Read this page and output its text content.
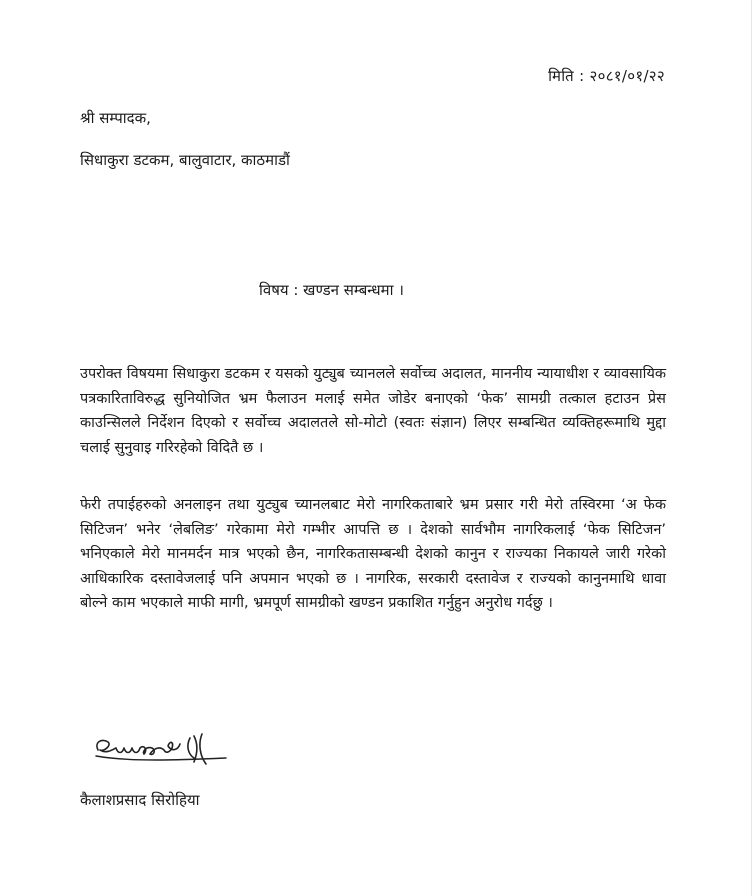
मिति : २०८१/०१/२२
श्री सम्पादक,
सिधाकुरा डटकम, बालुवाटार, काठमाडौं
विषय : खण्डन सम्बन्धमा ।

उपरोक्त विषयमा सिधाकुरा डटकम र यसको युट्युब च्यानलले सर्वोच्च अदालत, माननीय न्यायाधीश र व्यावसायिक पत्रकारिताविरुद्ध सुनियोजित भ्रम फैलाउन मलाई समेत जोडेर बनाएको ‘फेक’ सामग्री तत्काल हटाउन प्रेस काउन्सिलले निर्देशन दिएको र सर्वोच्च अदालतले सो-मोटो (स्वतः संज्ञान) लिएर सम्बन्धित व्यक्तिहरूमाथि मुद्दा चलाई सुनुवाइ गरिरहेको विदितै छ ।

फेरी तपाईहरुको अनलाइन तथा युट्युब च्यानलबाट मेरो नागरिकताबारे भ्रम प्रसार गरी मेरो तस्विरमा ‘अ फेक सिटिजन’ भनेर ‘लेबलिङ’ गरेकामा मेरो गम्भीर आपत्ति छ । देशको सार्वभौम नागरिकलाई ‘फेक सिटिजन’ भनिएकाले मेरो मानमर्दन मात्र भएको छैन, नागरिकतासम्बन्धी देशको कानुन र राज्यका निकायले जारी गरेको आधिकारिक दस्तावेजलाई पनि अपमान भएको छ । नागरिक, सरकारी दस्तावेज र राज्यको कानुनमाथि धावा बोल्ने काम भएकाले माफी मागी, भ्रमपूर्ण सामग्रीको खण्डन प्रकाशित गर्नुहुन अनुरोध गर्दछु ।

कैलाशप्रसाद सिरोहिया
